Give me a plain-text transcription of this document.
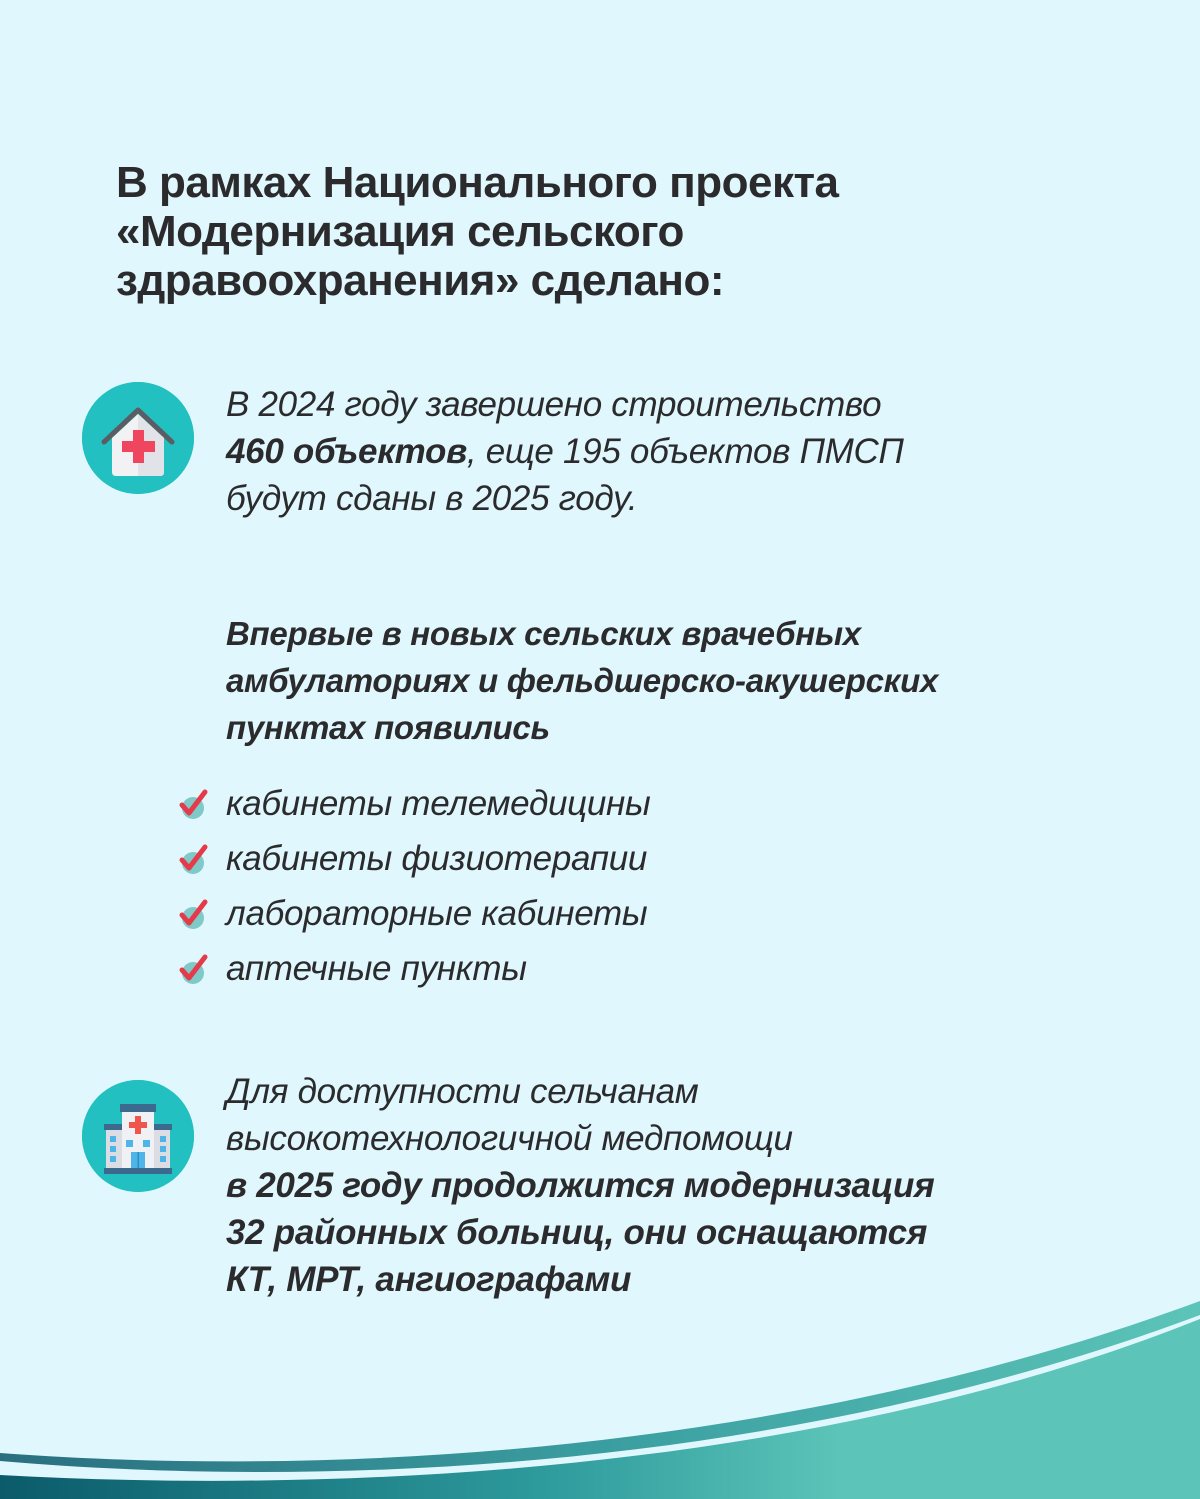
В рамках Национального проекта
«Модернизация сельского
здравоохранения» сделано:
В 2024 году завершено строительство
460 объектов, еще 195 объектов ПМСП
будут сданы в 2025 году.
Впервые в новых сельских врачебных
амбулаториях и фельдшерско-акушерских
пунктах появились
кабинеты телемедицины
кабинеты физиотерапии
лабораторные кабинеты
аптечные пункты
Для доступности сельчанам
высокотехнологичной медпомощи
в 2025 году продолжится модернизация
32 районных больниц, они оснащаются
КТ, МРТ, ангиографами
